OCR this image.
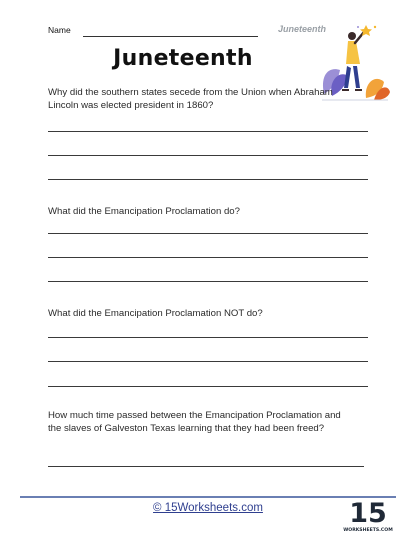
Name	Juneteenth
Juneteenth
Why did the southern states secede from the Union when Abraham Lincoln was elected president in 1860?
What did the Emancipation Proclamation do?
What did the Emancipation Proclamation NOT do?
How much time passed between the Emancipation Proclamation and the slaves of Galveston Texas learning that they had been freed?
© 15Worksheets.com	15
WORKSHEETS.COM
